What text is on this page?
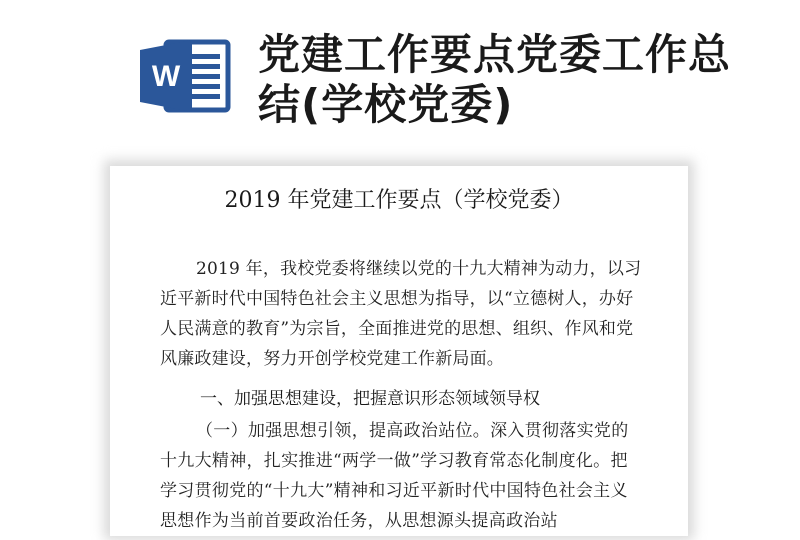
W 党建工作要点党委工作总结(学校党委)
2019 年党建工作要点（学校党委）
2019 年，我校党委将继续以党的十九大精神为动力，以习近平新时代中国特色社会主义思想为指导，以“立德树人，办好人民满意的教育”为宗旨，全面推进党的思想、组织、作风和党风廉政建设，努力开创学校党建工作新局面。
一、加强思想建设，把握意识形态领域领导权
（一）加强思想引领，提高政治站位。深入贯彻落实党的十九大精神，扎实推进“两学一做”学习教育常态化制度化。把学习贯彻党的“十九大”精神和习近平新时代中国特色社会主义思想作为当前首要政治任务，从思想源头提高政治站
